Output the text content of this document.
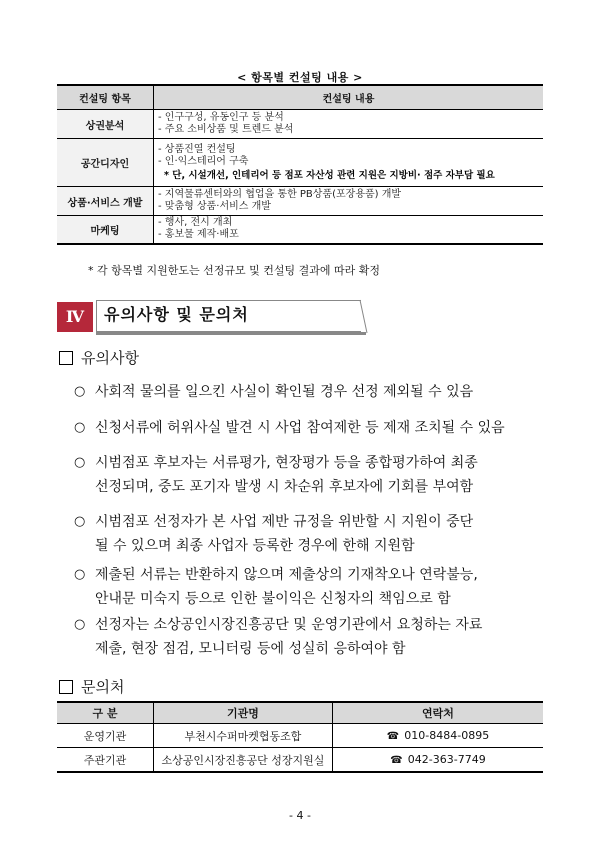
< 항목별 컨설팅 내용 >
컨설팅 항목	컨설팅 내용
상권분석	- 인구구성, 유동인구 등 분석
- 주요 소비상품 및 트렌드 분석

공간디자인	- 상품진열 컨설팅
- 인·익스테리어 구축
* 단, 시설개선, 인테리어 등 점포 자산성 관련 지원은 지방비· 점주 자부담 필요

상품·서비스 개발	- 지역물류센터와의 협업을 통한 PB상품(포장용품) 개발
- 맞춤형 상품·서비스 개발

마케팅	- 행사, 전시 개최
- 홍보물 제작·배포
* 각 항목별 지원한도는 선정규모 및 컨설팅 결과에 따라 확정
Ⅳ	유의사항 및 문의처
유의사항
○ 사회적 물의를 일으킨 사실이 확인될 경우 선정 제외될 수 있음
○ 신청서류에 허위사실 발견 시 사업 참여제한 등 제재 조치될 수 있음
○ 시범점포 후보자는 서류평가, 현장평가 등을 종합평가하여 최종
선정되며, 중도 포기자 발생 시 차순위 후보자에 기회를 부여함
○ 시범점포 선정자가 본 사업 제반 규정을 위반할 시 지원이 중단
될 수 있으며 최종 사업자 등록한 경우에 한해 지원함
○ 제출된 서류는 반환하지 않으며 제출상의 기재착오나 연락불능,
안내문 미숙지 등으로 인한 불이익은 신청자의 책임으로 함
○ 선정자는 소상공인시장진흥공단 및 운영기관에서 요청하는 자료
제출, 현장 점검, 모니터링 등에 성실히 응하여야 함
문의처
구 분	기관명	연락처
운영기관	부천시수퍼마켓협동조합	☎ 010-8484-0895
주관기관	소상공인시장진흥공단 성장지원실	☎ 042-363-7749
- 4 -
